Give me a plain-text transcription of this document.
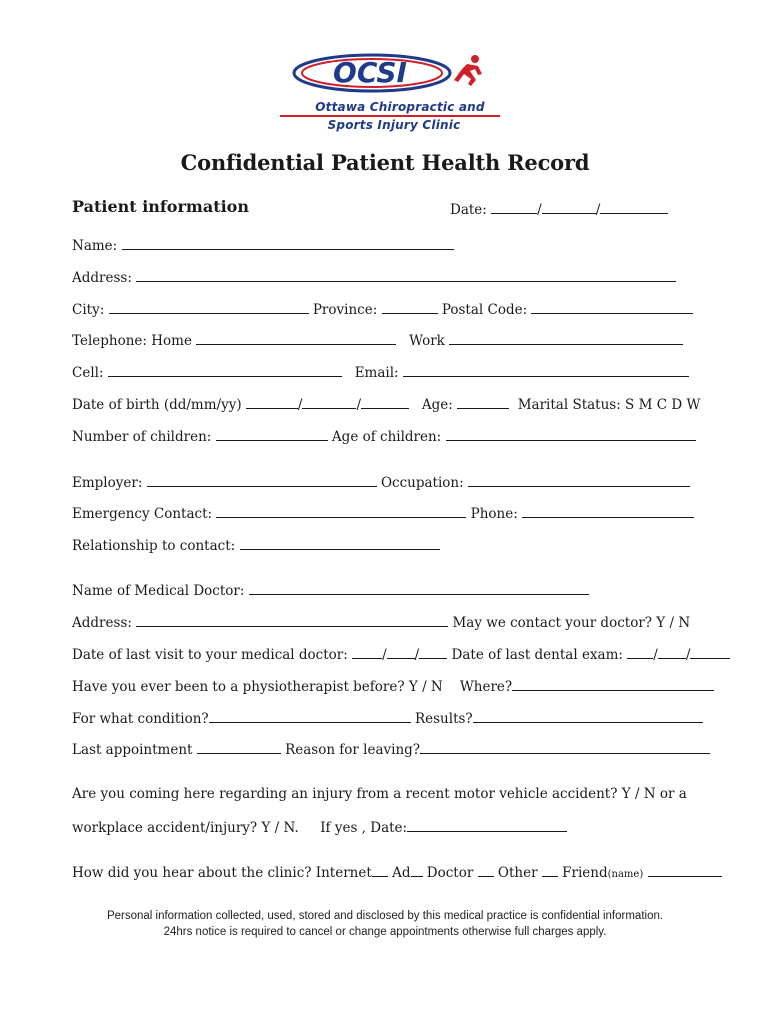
OCSI
Ottawa Chiropractic and
Sports Injury Clinic
Confidential Patient Health Record
Patient information	Date:	/	/
Name:
Address:
City:	Province:	Postal Code:
Telephone: Home	Work
Cell:	Email:
Date of birth (dd/mm/yy)	/	/	Age:	Marital Status: S M C D W
Number of children:	Age of children:
Employer:	Occupation:
Emergency Contact:	Phone:
Relationship to contact:
Name of Medical Doctor:
Address:	May we contact your doctor? Y / N
Date of last visit to your medical doctor:	/ / Date of last dental exam: / /
Have you ever been to a physiotherapist before? Y / N Where?
For what condition?	Results?
Last appointment	Reason for leaving?
Are you coming here regarding an injury from a recent motor vehicle accident? Y / N or a
workplace accident/injury? Y / N. If yes , Date:
How did you hear about the clinic? Internet Ad Doctor Other Friend(name)
Personal information collected, used, stored and disclosed by this medical practice is confidential information.
24hrs notice is required to cancel or change appointments otherwise full charges apply.
